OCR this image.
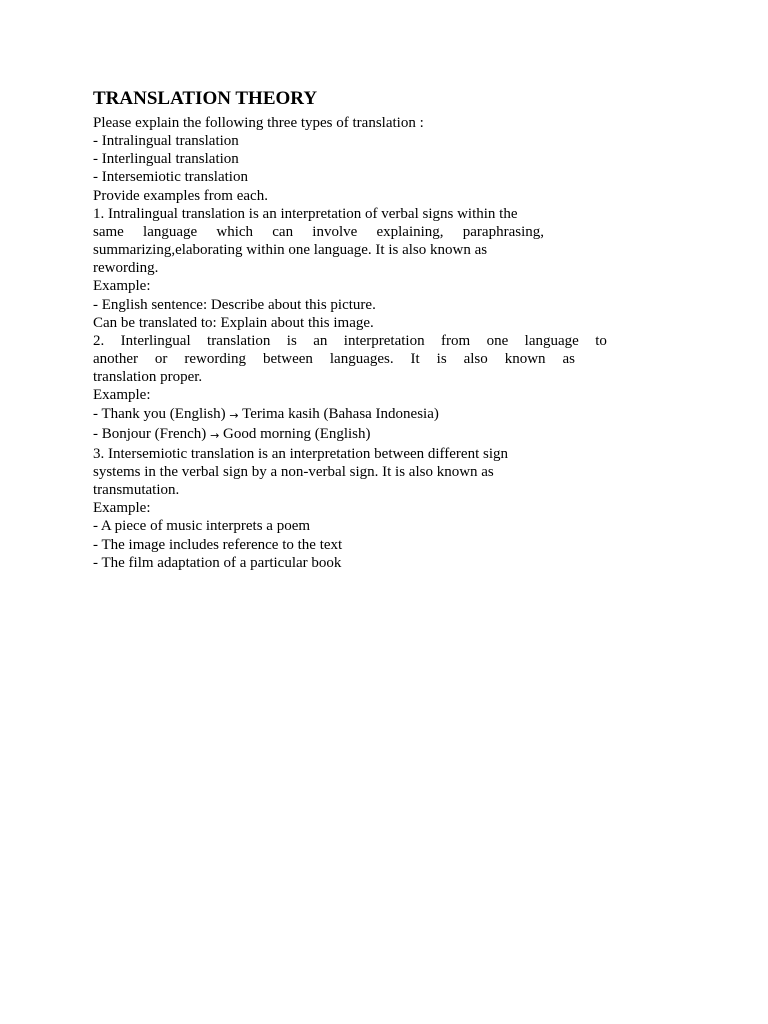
TRANSLATION THEORY
Please explain the following three types of translation :
- Intralingual translation
- Interlingual translation
- Intersemiotic translation
Provide examples from each.
1. Intralingual translation is an interpretation of verbal signs within the
same language which can involve explaining, paraphrasing,
summarizing,elaborating within one language. It is also known as
rewording.
Example:
- English sentence: Describe about this picture.
Can be translated to: Explain about this image.
2. Interlingual translation is an interpretation from one language to
another or rewording between languages. It is also known as
translation proper.
Example:
- Thank you (English) → Terima kasih (Bahasa Indonesia)
- Bonjour (French) → Good morning (English)
3. Intersemiotic translation is an interpretation between different sign
systems in the verbal sign by a non-verbal sign. It is also known as
transmutation.
Example:
- A piece of music interprets a poem
- The image includes reference to the text
- The film adaptation of a particular book
